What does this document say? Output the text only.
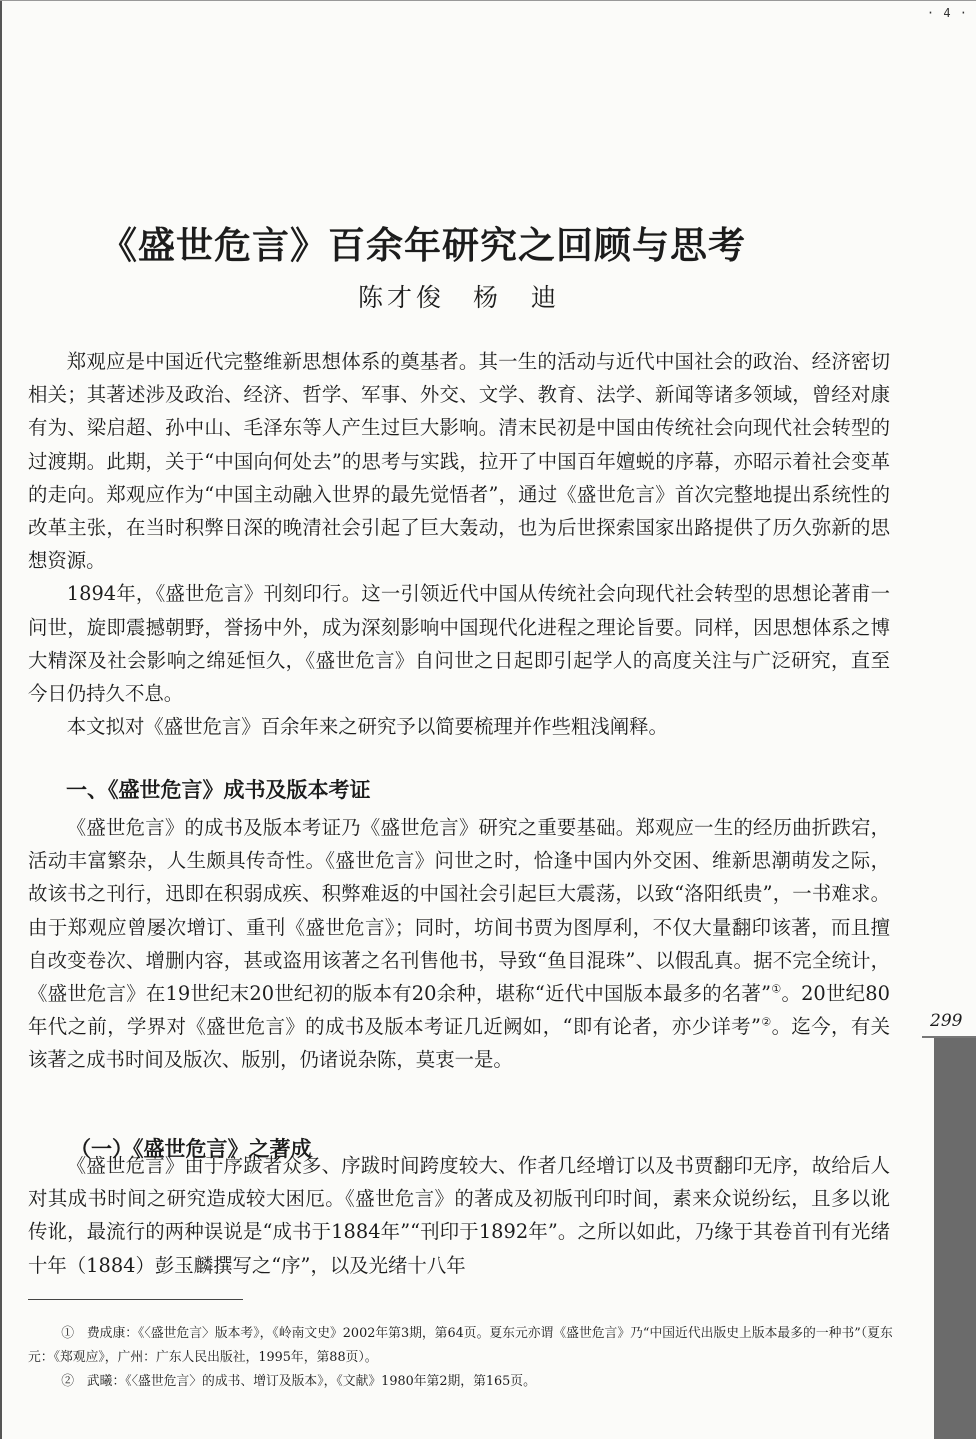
· 4 ·
《盛世危言》百余年研究之回顾与思考
陈才俊 杨　迪

郑观应是中国近代完整维新思想体系的奠基者。其一生的活动与近代中国社会的政治、经济密切相关；其著述涉及政治、经济、哲学、军事、外交、文学、教育、法学、新闻等诸多领域，曾经对康有为、梁启超、孙中山、毛泽东等人产生过巨大影响。清末民初是中国由传统社会向现代社会转型的过渡期。此期，关于“中国向何处去”的思考与实践，拉开了中国百年嬗蜕的序幕，亦昭示着社会变革的走向。郑观应作为“中国主动融入世界的最先觉悟者”，通过《盛世危言》首次完整地提出系统性的改革主张，在当时积弊日深的晚清社会引起了巨大轰动，也为后世探索国家出路提供了历久弥新的思想资源。

1894年，《盛世危言》刊刻印行。这一引领近代中国从传统社会向现代社会转型的思想论著甫一问世，旋即震撼朝野，誉扬中外，成为深刻影响中国现代化进程之理论旨要。同样，因思想体系之博大精深及社会影响之绵延恒久，《盛世危言》自问世之日起即引起学人的高度关注与广泛研究，直至今日仍持久不息。

本文拟对《盛世危言》百余年来之研究予以简要梳理并作些粗浅阐释。

一、《盛世危言》成书及版本考证

《盛世危言》的成书及版本考证乃《盛世危言》研究之重要基础。郑观应一生的经历曲折跌宕，活动丰富繁杂，人生颇具传奇性。《盛世危言》问世之时，恰逢中国内外交困、维新思潮萌发之际，故该书之刊行，迅即在积弱成疾、积弊难返的中国社会引起巨大震荡，以致“洛阳纸贵”，一书难求。由于郑观应曾屡次增订、重刊《盛世危言》；同时，坊间书贾为图厚利，不仅大量翻印该著，而且擅自改变卷次、增删内容，甚或盗用该著之名刊售他书，导致“鱼目混珠”、以假乱真。据不完全统计，《盛世危言》在19世纪末20世纪初的版本有20余种，堪称“近代中国版本最多的名著”①。20世纪80年代之前，学界对《盛世危言》的成书及版本考证几近阙如，“即有论者，亦少详考”②。迄今，有关该著之成书时间及版次、版别，仍诸说杂陈，莫衷一是。

（一）《盛世危言》之著成

《盛世危言》由于序跋者众多、序跋时间跨度较大、作者几经增订以及书贾翻印无序，故给后人对其成书时间之研究造成较大困厄。《盛世危言》的著成及初版刊印时间，素来众说纷纭，且多以讹传讹，最流行的两种误说是“成书于1884年”“刊印于1892年”。之所以如此，乃缘于其卷首刊有光绪十年（1884）彭玉麟撰写之“序”，以及光绪十八年

299

①　费成康：《〈盛世危言〉版本考》，《岭南文史》2002年第3期，第64页。夏东元亦谓《盛世危言》乃“中国近代出版史上版本最多的一种书”（夏东元：《郑观应》，广州：广东人民出版社，1995年，第88页）。

②　武曦：《〈盛世危言〉的成书、增订及版本》，《文献》1980年第2期，第165页。
